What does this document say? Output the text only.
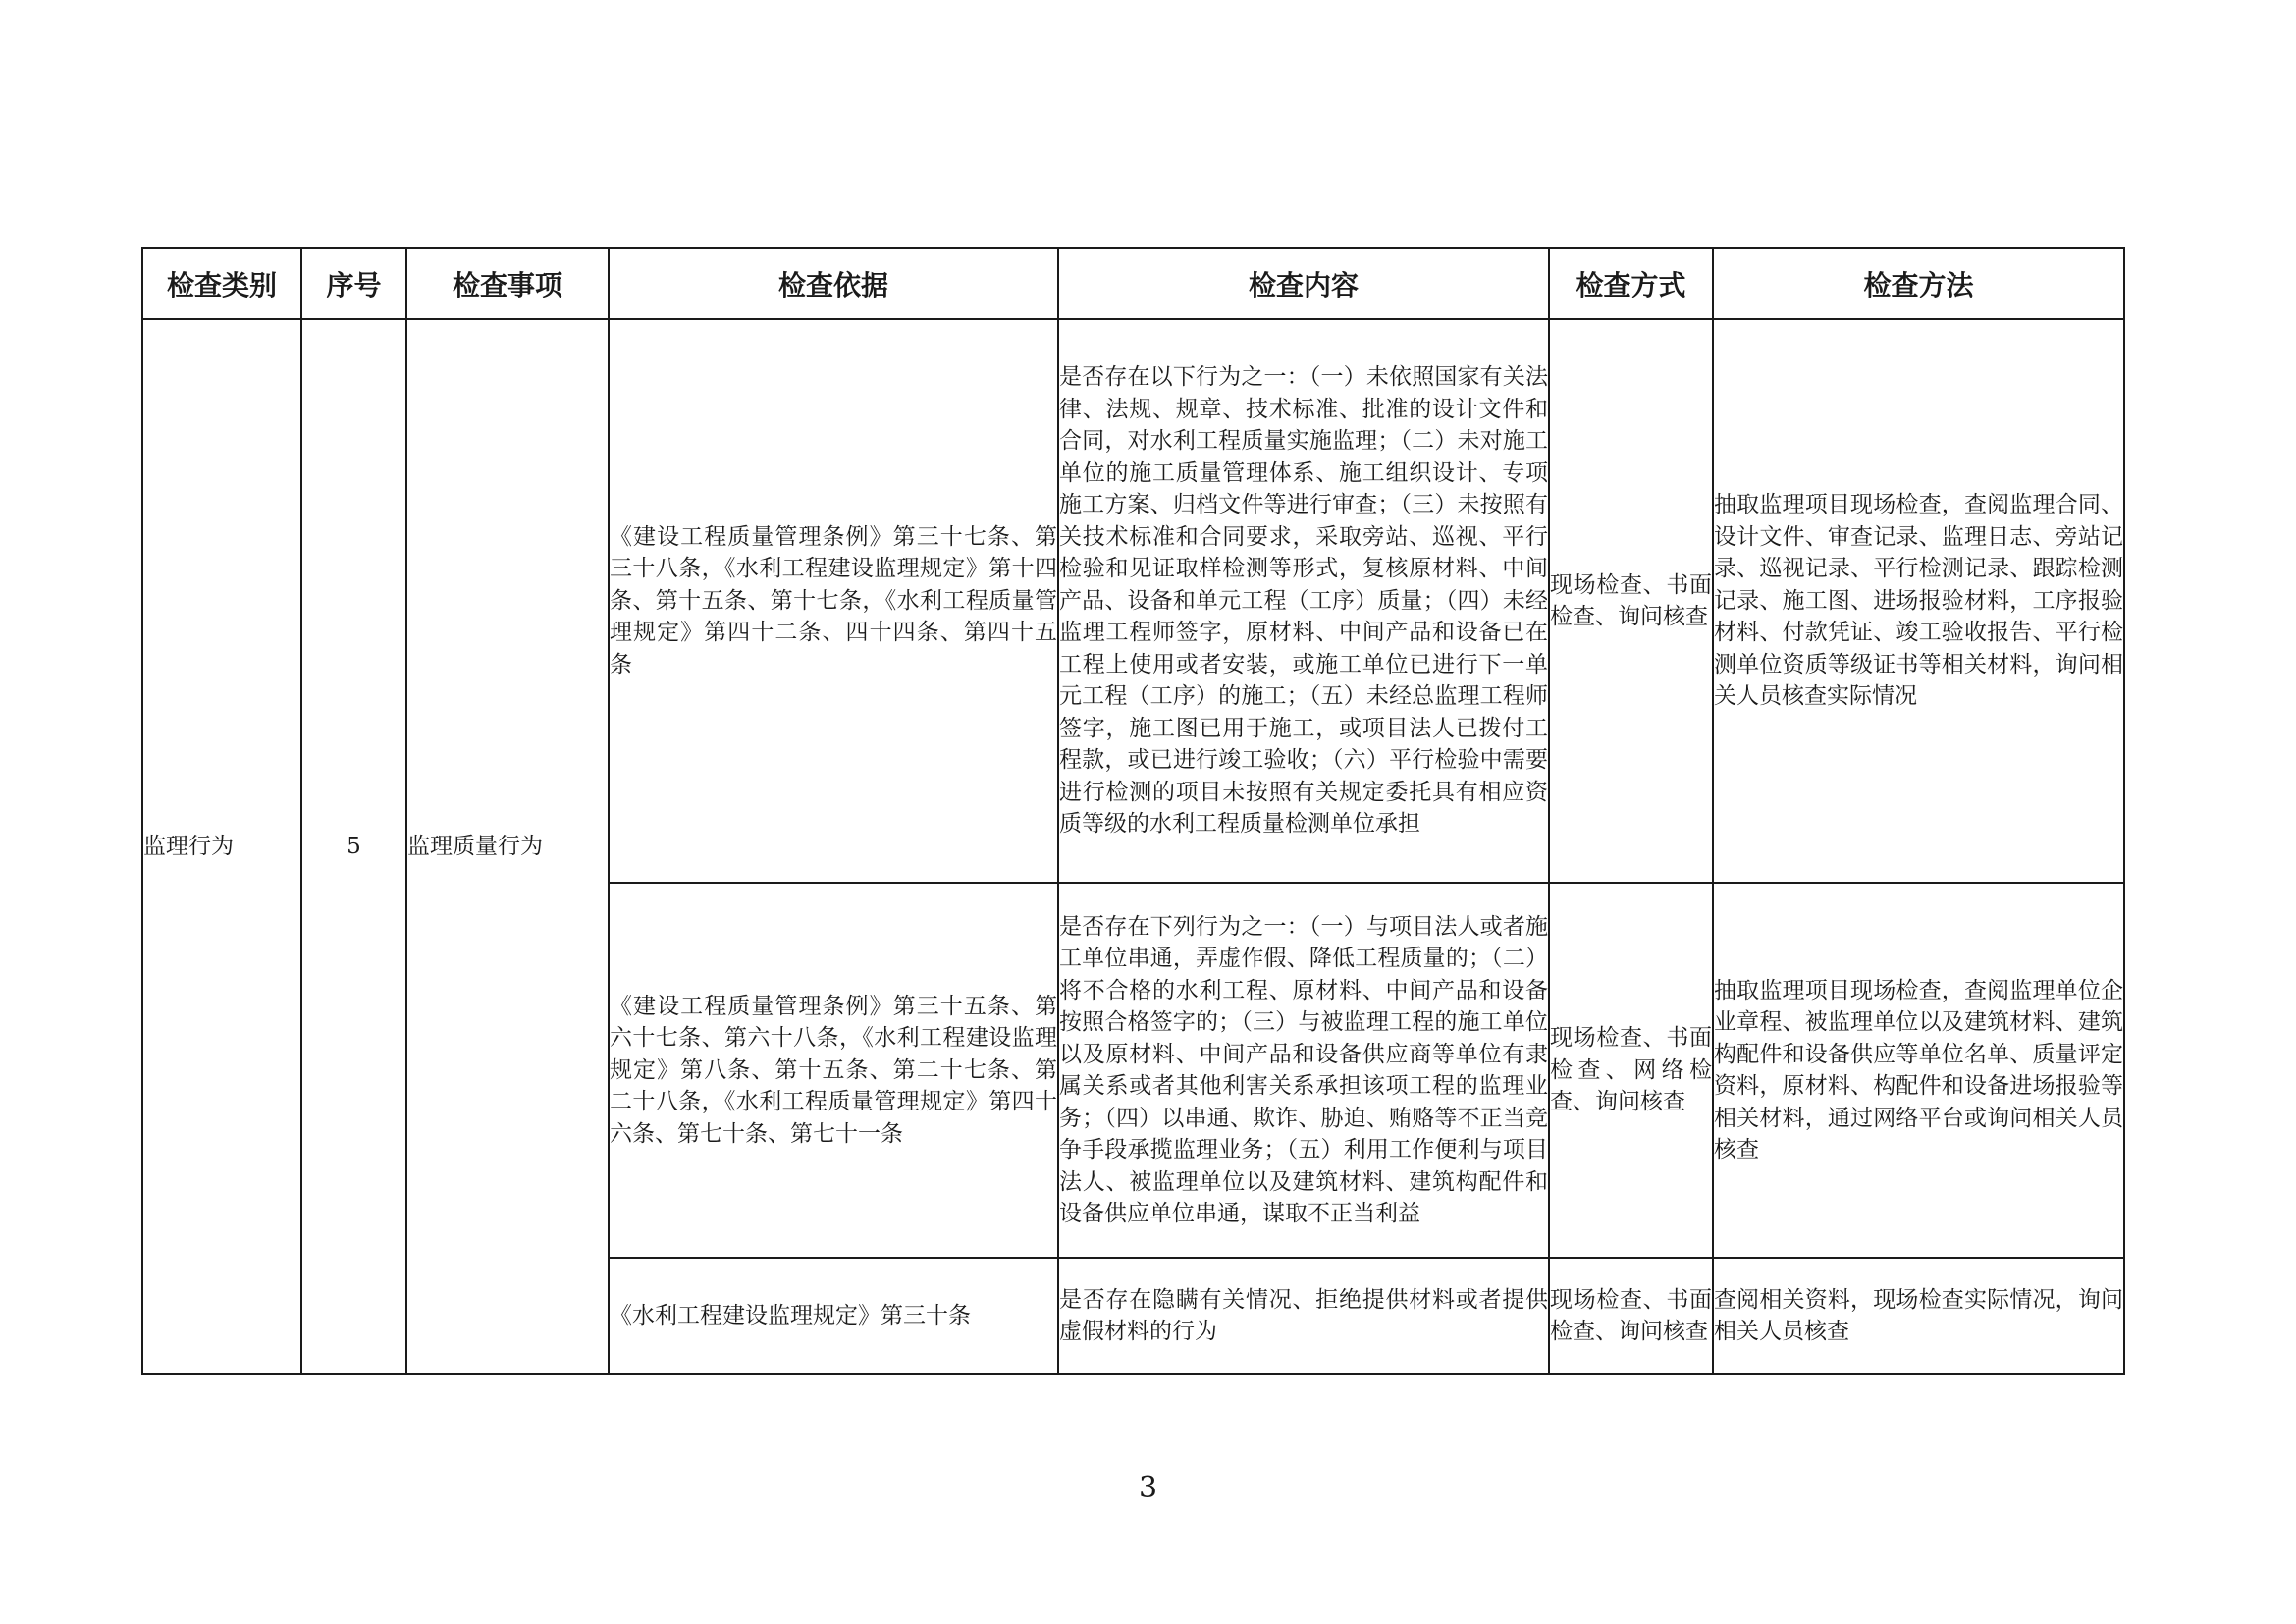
检查类别	序号	检查事项	检查依据	检查内容	检查方式	检查方法
监理行为	5	监理质量行为	《建设工程质量管理条例》第三十七条、第三十八条，《水利工程建设监理规定》第十四条、第十五条、第十七条，《水利工程质量管理规定》第四十二条、四十四条、第四十五条	是否存在以下行为之一：（一）未依照国家有关法律、法规、规章、技术标准、批准的设计文件和合同，对水利工程质量实施监理；（二）未对施工单位的施工质量管理体系、施工组织设计、专项施工方案、归档文件等进行审查；（三）未按照有关技术标准和合同要求，采取旁站、巡视、平行检验和见证取样检测等形式，复核原材料、中间产品、设备和单元工程（工序）质量；（四）未经监理工程师签字，原材料、中间产品和设备已在工程上使用或者安装，或施工单位已进行下一单元工程（工序）的施工；（五）未经总监理工程师签字，施工图已用于施工，或项目法人已拨付工程款，或已进行竣工验收；（六）平行检验中需要进行检测的项目未按照有关规定委托具有相应资质等级的水利工程质量检测单位承担	现场检查、书面检查、询问核查	抽取监理项目现场检查，查阅监理合同、设计文件、审查记录、监理日志、旁站记录、巡视记录、平行检测记录、跟踪检测记录、施工图、进场报验材料，工序报验材料、付款凭证、竣工验收报告、平行检测单位资质等级证书等相关材料，询问相关人员核查实际情况
			《建设工程质量管理条例》第三十五条、第六十七条、第六十八条，《水利工程建设监理规定》第八条、第十五条、第二十七条、第二十八条，《水利工程质量管理规定》第四十六条、第七十条、第七十一条	是否存在下列行为之一：（一）与项目法人或者施工单位串通，弄虚作假、降低工程质量的；（二）将不合格的水利工程、原材料、中间产品和设备按照合格签字的；（三）与被监理工程的施工单位以及原材料、中间产品和设备供应商等单位有隶属关系或者其他利害关系承担该项工程的监理业务；（四）以串通、欺诈、胁迫、贿赂等不正当竞争手段承揽监理业务；（五）利用工作便利与项目法人、被监理单位以及建筑材料、建筑构配件和设备供应单位串通，谋取不正当利益	现场检查、书面检查、网络检查、询问核查	抽取监理项目现场检查，查阅监理单位企业章程、被监理单位以及建筑材料、建筑构配件和设备供应等单位名单、质量评定资料，原材料、构配件和设备进场报验等相关材料，通过网络平台或询问相关人员核查
			《水利工程建设监理规定》第三十条	是否存在隐瞒有关情况、拒绝提供材料或者提供虚假材料的行为	现场检查、书面检查、询问核查	查阅相关资料，现场检查实际情况，询问相关人员核查
3
